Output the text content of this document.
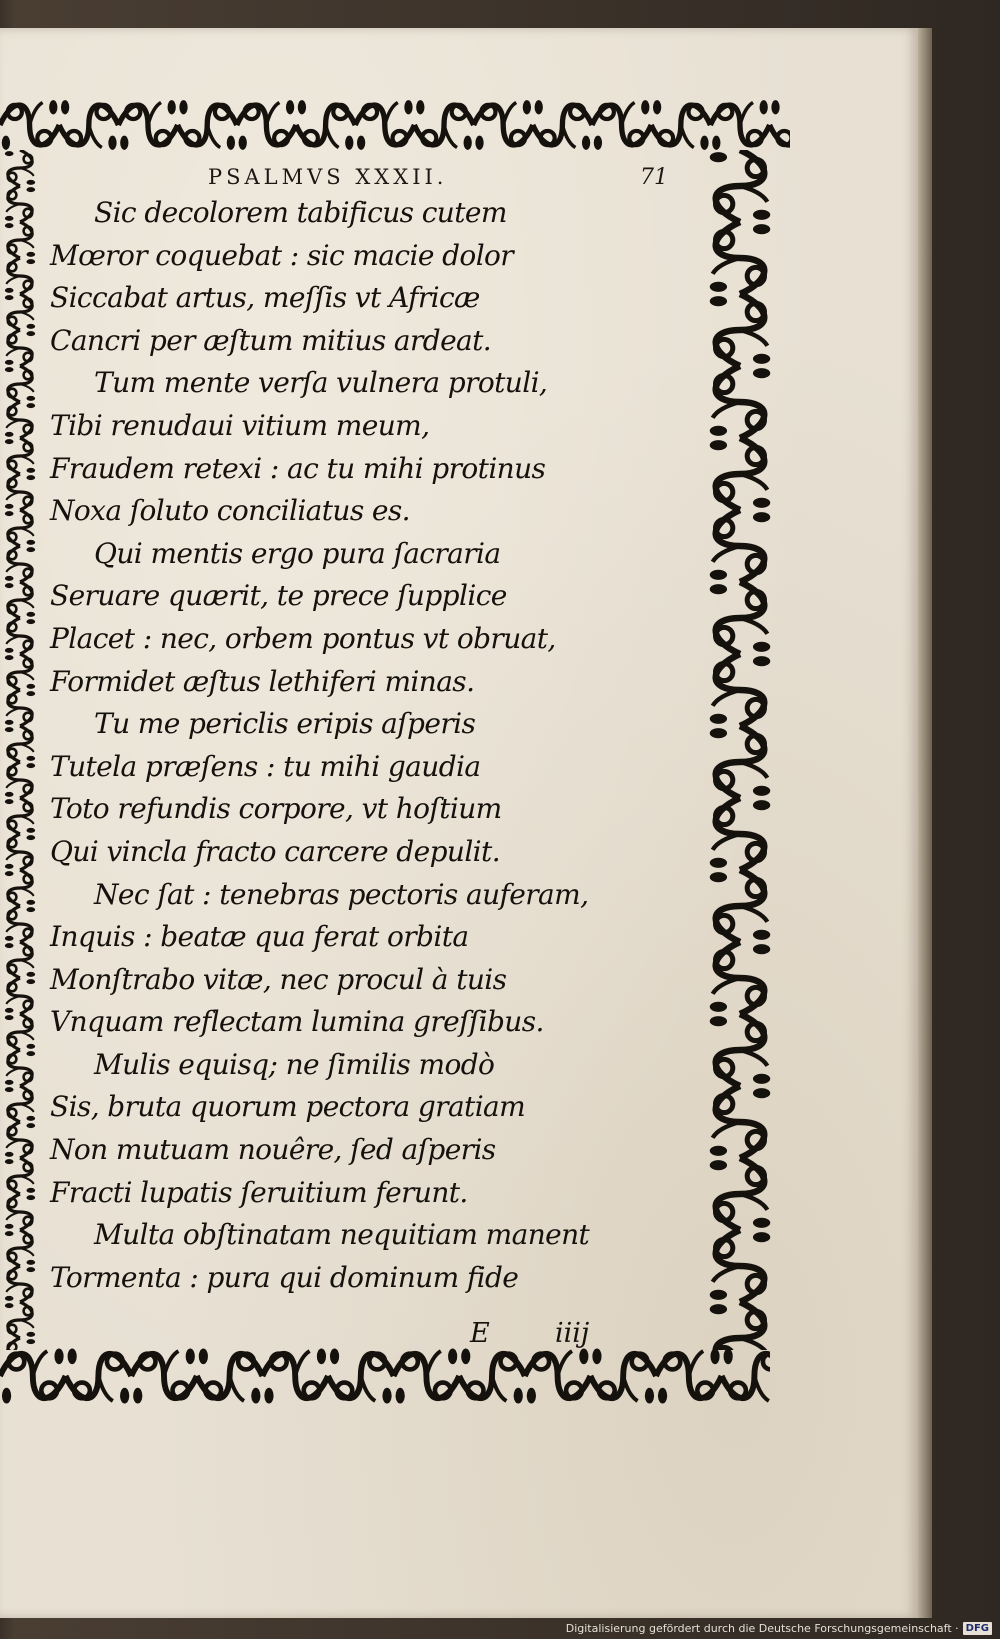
PSALMVS XXXII.	71
Sic decolorem tabificus cutem
Mœror coquebat : sic macie dolor
Siccabat artus, meſſis vt Africæ
Cancri per æſtum mitius ardeat.
Tum mente verſa vulnera protuli,
Tibi renudaui vitium meum,
Fraudem retexi : ac tu mihi protinus
Noxa ſoluto conciliatus es.
Qui mentis ergo pura ſacraria
Seruare quærit, te prece ſupplice
Placet : nec, orbem pontus vt obruat,
Formidet æſtus lethiferi minas.
Tu me periclis eripis aſperis
Tutela præſens : tu mihi gaudia
Toto refundis corpore, vt hoſtium
Qui vincla fracto carcere depulit.
Nec ſat : tenebras pectoris auferam,
Inquis : beatæ qua ferat orbita
Monſtrabo vitæ, nec procul à tuis
Vnquam reflectam lumina greſſibus.
Mulis equisq; ne ſimilis modò
Sis, bruta quorum pectora gratiam
Non mutuam nouêre, ſed aſperis
Fracti lupatis ſeruitium ferunt.
Multa obſtinatam nequitiam manent
Tormenta : pura qui dominum fide
E iiij
Digitalisierung gefördert durch die Deutsche Forschungsgemeinschaft · DFG
